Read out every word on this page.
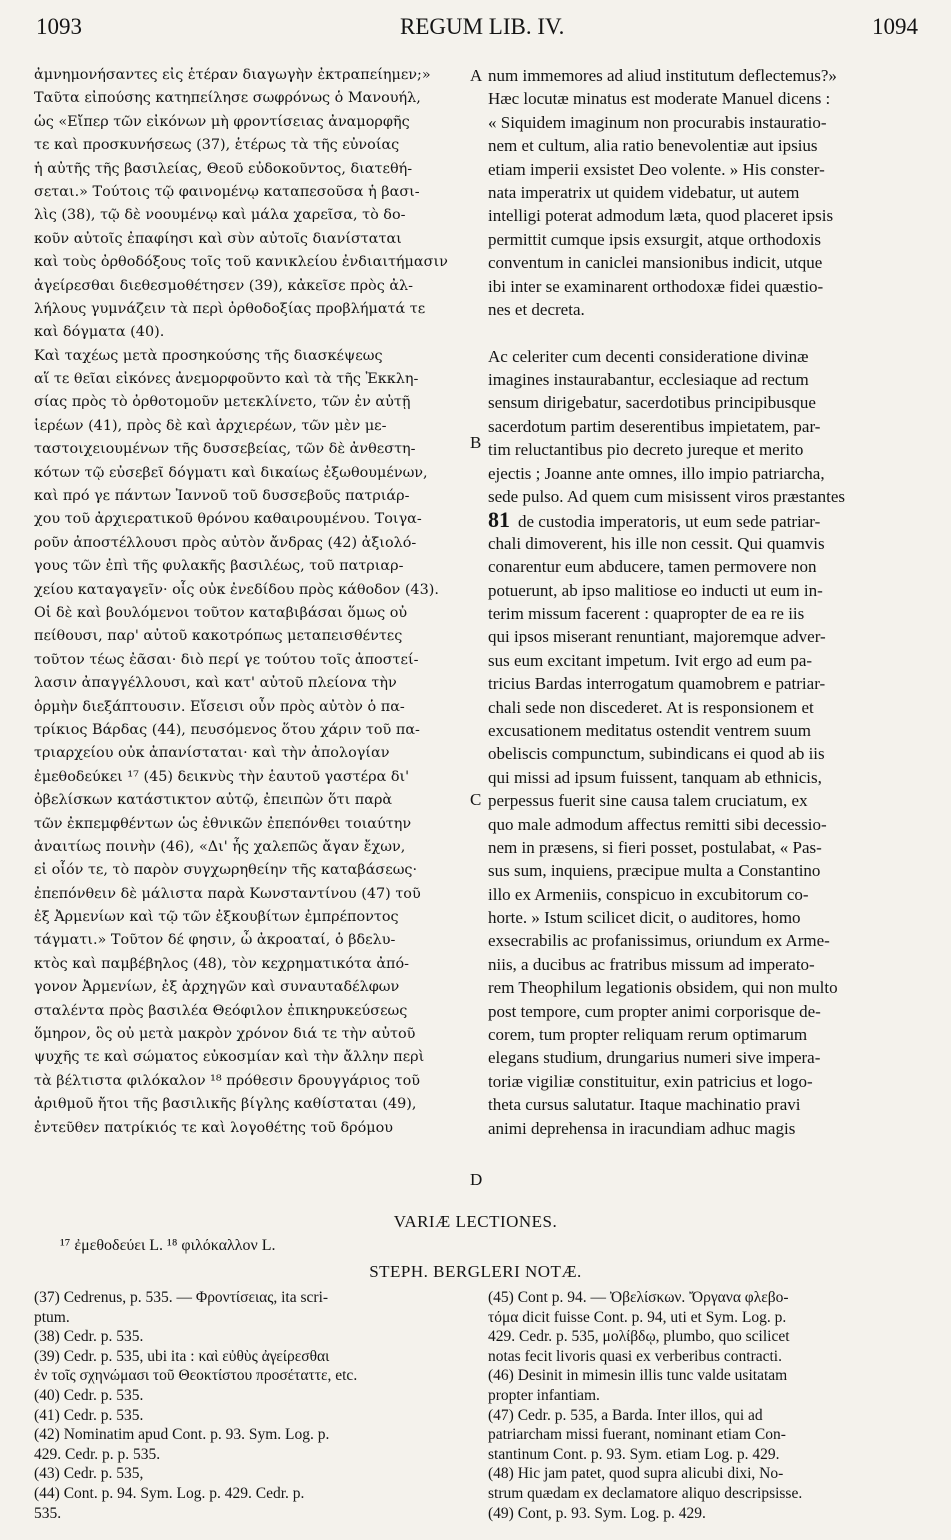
1093	REGUM LIB. IV.	1094
ἀμνημονήσαντες εἰς ἑτέραν διαγωγὴν ἐκτραπείημεν;»
Ταῦτα εἰπούσης κατηπείλησε σωφρόνως ὁ Μανουήλ,
ὡς «Εἴπερ τῶν εἰκόνων μὴ φροντίσειας ἀναμορφῆς
τε καὶ προσκυνήσεως (37), ἑτέρως τὰ τῆς εὐνοίας
ἡ αὐτῆς τῆς βασιλείας, Θεοῦ εὐδοκοῦντος, διατεθή-
σεται.» Τούτοις τῷ φαινομένῳ καταπεσοῦσα ἡ βασι-
λὶς (38), τῷ δὲ νοουμένῳ καὶ μάλα χαρεῖσα, τὸ δο-
κοῦν αὐτοῖς ἐπαφίησι καὶ σὺν αὐτοῖς διανίσταται
καὶ τοὺς ὀρθοδόξους τοῖς τοῦ κανικλείου ἐνδιαιτήμασιν
ἀγείρεσθαι διεθεσμοθέτησεν (39), κἀκεῖσε πρὸς ἀλ-
λήλους γυμνάζειν τὰ περὶ ὀρθοδοξίας προβλήματά τε
καὶ δόγματα (40).
Καὶ ταχέως μετὰ προσηκούσης τῆς διασκέψεως
αἵ τε θεῖαι εἰκόνες ἀνεμορφοῦντο καὶ τὰ τῆς Ἐκκλη-
σίας πρὸς τὸ ὀρθοτομοῦν μετεκλίνετο, τῶν ἐν αὐτῇ
ἱερέων (41), πρὸς δὲ καὶ ἀρχιερέων, τῶν μὲν με-
ταστοιχειουμένων τῆς δυσσεβείας, τῶν δὲ ἀνθεστη-
κότων τῷ εὐσεβεῖ δόγματι καὶ δικαίως ἐξωθουμένων,
καὶ πρό γε πάντων Ἰαννοῦ τοῦ δυσσεβοῦς πατριάρ-
χου τοῦ ἀρχιερατικοῦ θρόνου καθαιρουμένου. Τοιγα-
ροῦν ἀποστέλλουσι πρὸς αὐτὸν ἄνδρας (42) ἀξιολό-
γους τῶν ἐπὶ τῆς φυλακῆς βασιλέως, τοῦ πατριαρ-
χείου καταγαγεῖν· οἷς οὐκ ἐνεδίδου πρὸς κάθοδον (43).
Οἱ δὲ καὶ βουλόμενοι τοῦτον καταβιβάσαι ὅμως οὐ
πείθουσι, παρ' αὐτοῦ κακοτρόπως μεταπεισθέντες
τοῦτον τέως ἐᾶσαι· διὸ περί γε τούτου τοῖς ἀποστεί-
λασιν ἀπαγγέλλουσι, καὶ κατ' αὐτοῦ πλείονα τὴν
ὁρμὴν διεξάπτουσιν. Εἴσεισι οὖν πρὸς αὐτὸν ὁ πα-
τρίκιος Βάρδας (44), πευσόμενος ὅτου χάριν τοῦ πα-
τριαρχείου οὐκ ἀπανίσταται· καὶ τὴν ἀπολογίαν
ἐμεθοδεύκει ¹⁷ (45) δεικνὺς τὴν ἑαυτοῦ γαστέρα δι'
ὀβελίσκων κατάστικτον αὐτῷ, ἐπειπὼν ὅτι παρὰ
τῶν ἐκπεμφθέντων ὡς ἐθνικῶν ἐπεπόνθει τοιαύτην
ἀναιτίως ποινὴν (46), «Δι' ἧς χαλεπῶς ἄγαν ἔχων,
εἰ οἷόν τε, τὸ παρὸν συγχωρηθείην τῆς καταβάσεως·
ἐπεπόνθειν δὲ μάλιστα παρὰ Κωνσταντίνου (47) τοῦ
ἐξ Ἀρμενίων καὶ τῷ τῶν ἐξκουβίτων ἐμπρέποντος
τάγματι.» Τοῦτον δέ φησιν, ὦ ἀκροαταί, ὁ βδελυ-
κτὸς καὶ παμβέβηλος (48), τὸν κεχρηματικότα ἀπό-
γονον Ἀρμενίων, ἐξ ἀρχηγῶν καὶ συναυταδέλφων
σταλέντα πρὸς βασιλέα Θεόφιλον ἐπικηρυκεύσεως
ὅμηρον, ὃς οὐ μετὰ μακρὸν χρόνον διά τε τὴν αὐτοῦ
ψυχῆς τε καὶ σώματος εὐκοσμίαν καὶ τὴν ἄλλην περὶ
τὰ βέλτιστα φιλόκαλον ¹⁸ πρόθεσιν δρουγγάριος τοῦ
ἀριθμοῦ ἤτοι τῆς βασιλικῆς βίγλης καθίσταται (49),
ἐντεῦθεν πατρίκιός τε καὶ λογοθέτης τοῦ δρόμου
num immemores ad aliud institutum deflectemus?»
Hæc locutæ minatus est moderate Manuel dicens :
« Siquidem imaginum non procurabis instauratio-
nem et cultum, alia ratio benevolentiæ aut ipsius
etiam imperii exsistet Deo volente. » His conster-
nata imperatrix ut quidem videbatur, ut autem
intelligi poterat admodum læta, quod placeret ipsis
permittit cumque ipsis exsurgit, atque orthodoxis
conventum in caniclei mansionibus indicit, utque
ibi inter se examinarent orthodoxæ fidei quæstio-
nes et decreta.
Ac celeriter cum decenti consideratione divinæ
imagines instaurabantur, ecclesiaque ad rectum
sensum dirigebatur, sacerdotibus principibusque
sacerdotum partim deserentibus impietatem, par-
tim reluctantibus pio decreto jureque et merito
ejectis ; Joanne ante omnes, illo impio patriarcha,
sede pulso. Ad quem cum misissent viros præstantes
81 de custodia imperatoris, ut eum sede patriar-
chali dimoverent, his ille non cessit. Qui quamvis
conarentur eum abducere, tamen permovere non
potuerunt, ab ipso malitiose eo inducti ut eum in-
terim missum facerent : quapropter de ea re iis
qui ipsos miserant renuntiant, majoremque adver-
sus eum excitant impetum. Ivit ergo ad eum pa-
tricius Bardas interrogatum quamobrem e patriar-
chali sede non discederet. At is responsionem et
excusationem meditatus ostendit ventrem suum
obeliscis compunctum, subindicans ei quod ab iis
qui missi ad ipsum fuissent, tanquam ab ethnicis,
perpessus fuerit sine causa talem cruciatum, ex
quo male admodum affectus remitti sibi decessio-
nem in præsens, si fieri posset, postulabat, « Pas-
sus sum, inquiens, præcipue multa a Constantino
illo ex Armeniis, conspicuo in excubitorum co-
horte. » Istum scilicet dicit, o auditores, homo
exsecrabilis ac profanissimus, oriundum ex Arme-
niis, a ducibus ac fratribus missum ad imperato-
rem Theophilum legationis obsidem, qui non multo
post tempore, cum propter animi corporisque de-
corem, tum propter reliquam rerum optimarum
elegans studium, drungarius numeri sive impera-
toriæ vigiliæ constituitur, exin patricius et logo-
theta cursus salutatur. Itaque machinatio pravi
animi deprehensa in iracundiam adhuc magis
A
B
C
D
VARIÆ LECTIONES.
¹⁷ ἐμεθοδεύει L. ¹⁸ φιλόκαλλον L.
STEPH. BERGLERI NOTÆ.
(37) Cedrenus, p. 535. — Φροντίσειας, ita scri-
ptum.
(38) Cedr. p. 535.
(39) Cedr. p. 535, ubi ita : καὶ εὐθὺς ἀγείρεσθαι
ἐν τοῖς σχηνώμασι τοῦ Θεοκτίστου προσέταττε, etc.
(40) Cedr. p. 535.
(41) Cedr. p. 535.
(42) Nominatim apud Cont. p. 93. Sym. Log. p.
429. Cedr. p. p. 535.
(43) Cedr. p. 535,
(44) Cont. p. 94. Sym. Log. p. 429. Cedr. p.
535.
(45) Cont p. 94. — Ὀβελίσκων. Ὄργανα φλεβο-
τόμα dicit fuisse Cont. p. 94, uti et Sym. Log. p.
429. Cedr. p. 535, μολίβδῳ, plumbo, quo scilicet
notas fecit livoris quasi ex verberibus contracti.
(46) Desinit in mimesin illis tunc valde usitatam
propter infantiam.
(47) Cedr. p. 535, a Barda. Inter illos, qui ad
patriarcham missi fuerant, nominant etiam Con-
stantinum Cont. p. 93. Sym. etiam Log. p. 429.
(48) Hic jam patet, quod supra alicubi dixi, No-
strum quædam ex declamatore aliquo descripsisse.
(49) Cont, p. 93. Sym. Log. p. 429.
